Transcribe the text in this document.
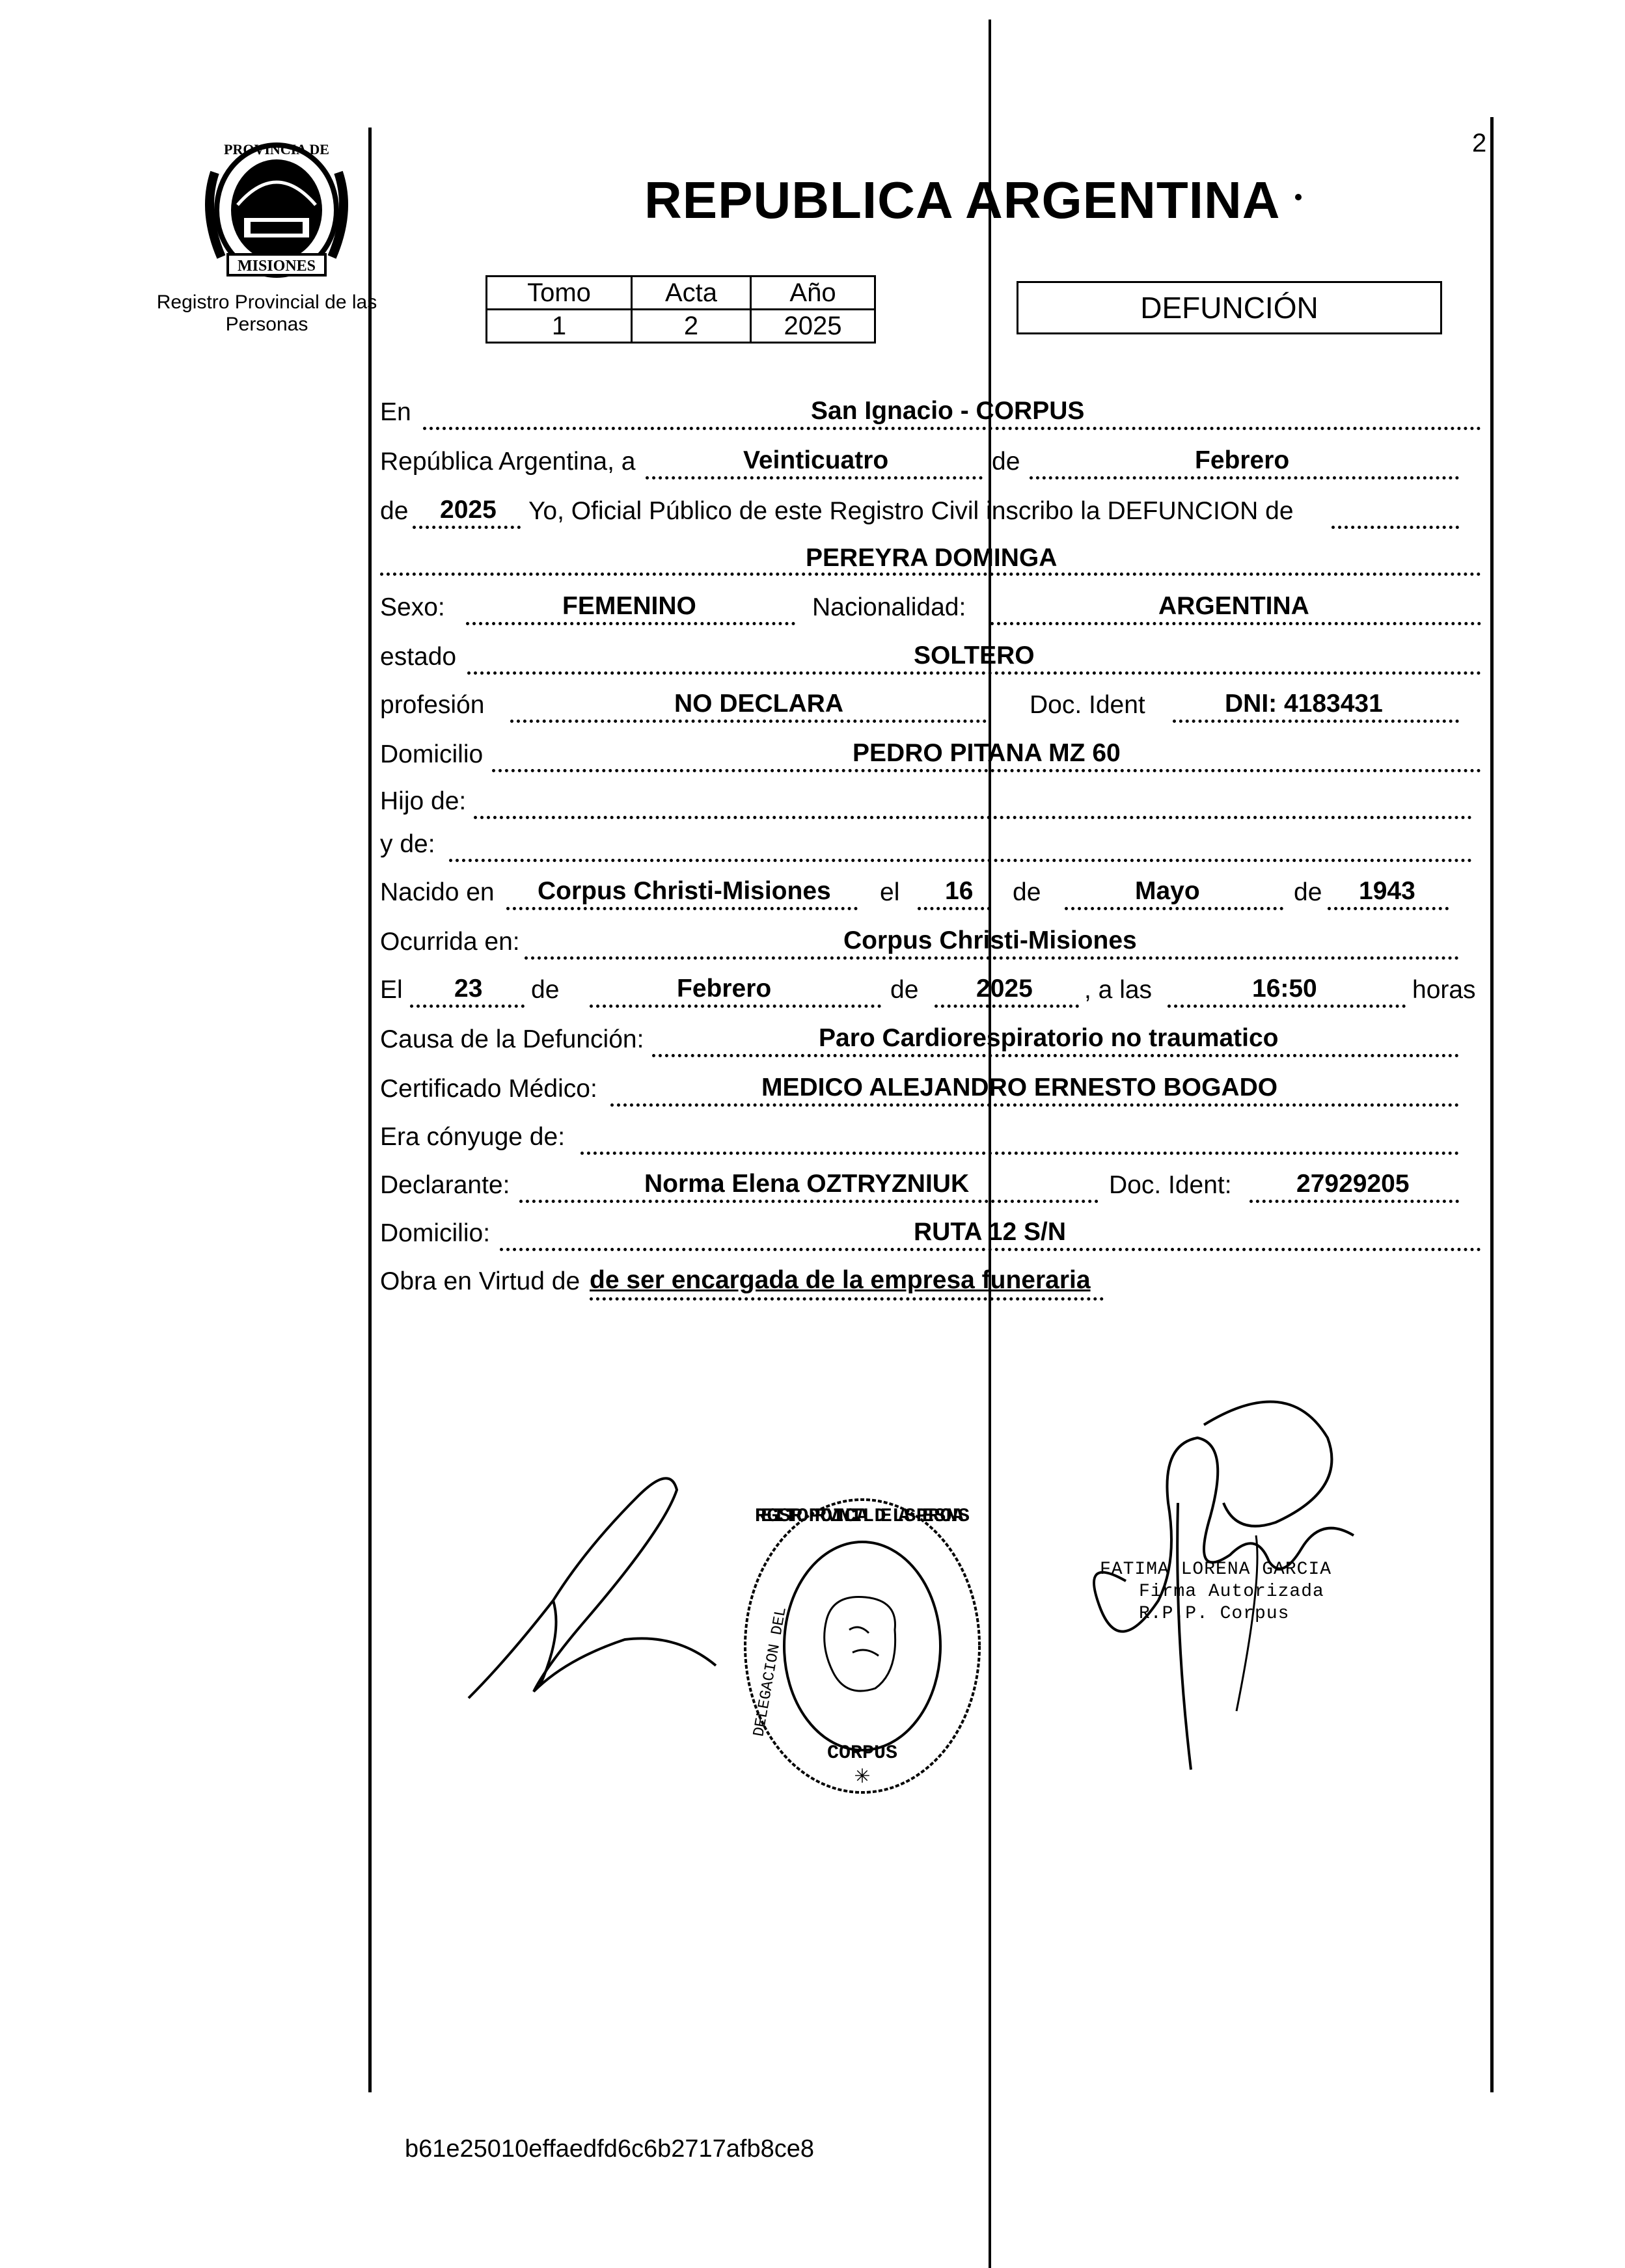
PROVINCIA DE
MISIONES
Registro Provincial de las Personas
REPUBLICA ARGENTINA
2
Tomo	Acta	Año
1	2	2025
DEFUNCIÓN
En	San Ignacio - CORPUS
República Argentina, a	Veinticuatro	de	Febrero
de 2025 Yo, Oficial Público de este Registro Civil inscribo la DEFUNCION de
PEREYRA DOMINGA
Sexo:	FEMENINO	Nacionalidad:	ARGENTINA
estado	SOLTERO
profesión	NO DECLARA	Doc. Ident	DNI: 4183431
Domicilio	PEDRO PITANA MZ 60
Hijo de:
y de:
Nacido en Corpus Christi-Misiones el 16 de	Mayo	de 1943
Ocurrida en:	Corpus Christi-Misiones
El 23 de	Febrero	de 2025 , a las	16:50	horas
Causa de la Defunción:	Paro Cardiorespiratorio no traumatico
Certificado Médico:	MEDICO ALEJANDRO ERNESTO BOGADO
Era cónyuge de:
Declarante:	Norma Elena OZTRYZNIUK	Doc. Ident:	27929205
Domicilio:	RUTA 12 S/N
Obra en Virtud de de ser encargada de la empresa funeraria
REGISTRO PROVINCIAL DE LAS PERSONAS
DELEGACION DEL
CORPUS
✳
FATIMA LORENA GARCIA
Firma Autorizada
R.P.P. Corpus
b61e25010effaedfd6c6b2717afb8ce8
